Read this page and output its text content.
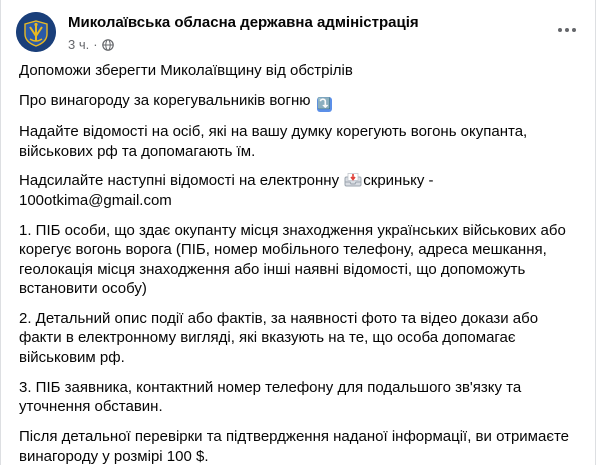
Миколаївська обласна державна адміністрація
3 ч. ·

Допоможи зберегти Миколаївщину від обстрілів

Про винагороду за корегувальників вогню ⤵️

Надайте відомості на осіб, які на вашу думку корегують вогонь окупанта, військових рф та допомагають їм.

Надсилайте наступні відомості на електронну скриньку - 100otkima@gmail.com

1. ПІБ особи, що здає окупанту місця знаходження українських військових або корегує вогонь ворога (ПІБ, номер мобільного телефону, адреса мешкання, геолокація місця знаходження або інші наявні відомості, що допоможуть встановити особу)

2. Детальний опис події або фактів, за наявності фото та відео докази або факти в електронному вигляді, які вказують на те, що особа допомагає військовим рф.

3. ПІБ заявника, контактний номер телефону для подальшого зв'язку та уточнення обставин.

Після детальної перевірки та підтвердження наданої інформації, ви отримаєте винагороду у розмірі 100 $.
